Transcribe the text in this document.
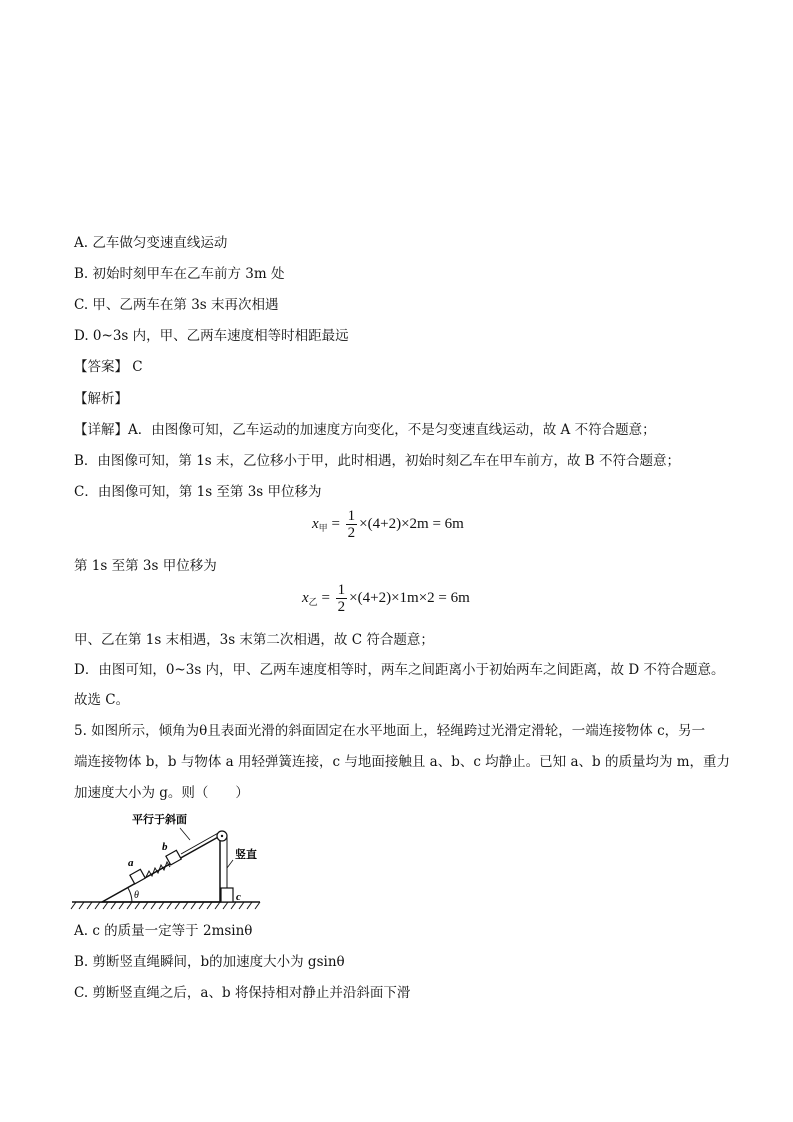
A. 乙车做匀变速直线运动
B. 初始时刻甲车在乙车前方 3m 处
C. 甲、乙两车在第 3s 末再次相遇
D. 0~3s 内，甲、乙两车速度相等时相距最远
【答案】 C
【解析】
【详解】A．由图像可知，乙车运动的加速度方向变化，不是匀变速直线运动，故 A 不符合题意；
B．由图像可知，第 1s 末，乙位移小于甲，此时相遇，初始时刻乙车在甲车前方，故 B 不符合题意；
C．由图像可知，第 1s 至第 3s 甲位移为
$x_甲 = \frac{1}{2} \times(4+2)\times 2m = 6m$
第 1s 至第 3s 甲位移为
$x_乙 = \frac{1}{2} \times(4+2)\times 1m\times 2 = 6m$
甲、乙在第 1s 末相遇，3s 末第二次相遇，故 C 符合题意；
D．由图可知，0~3s 内，甲、乙两车速度相等时，两车之间距离小于初始两车之间距离，故 D 不符合题意。
故选 C。
5. 如图所示，倾角为θ且表面光滑的斜面固定在水平地面上，轻绳跨过光滑定滑轮，一端连接物体 c，另一
端连接物体 b，b 与物体 a 用轻弹簧连接，c 与地面接触且 a、b、c 均静止。已知 a、b 的质量均为 m，重力
加速度大小为 g。则（　　）
θ
平行于斜面
竖直
a
b
c
A. c 的质量一定等于 2msinθ
B. 剪断竖直绳瞬间，b的加速度大小为 gsinθ
C. 剪断竖直绳之后，a、b 将保持相对静止并沿斜面下滑
